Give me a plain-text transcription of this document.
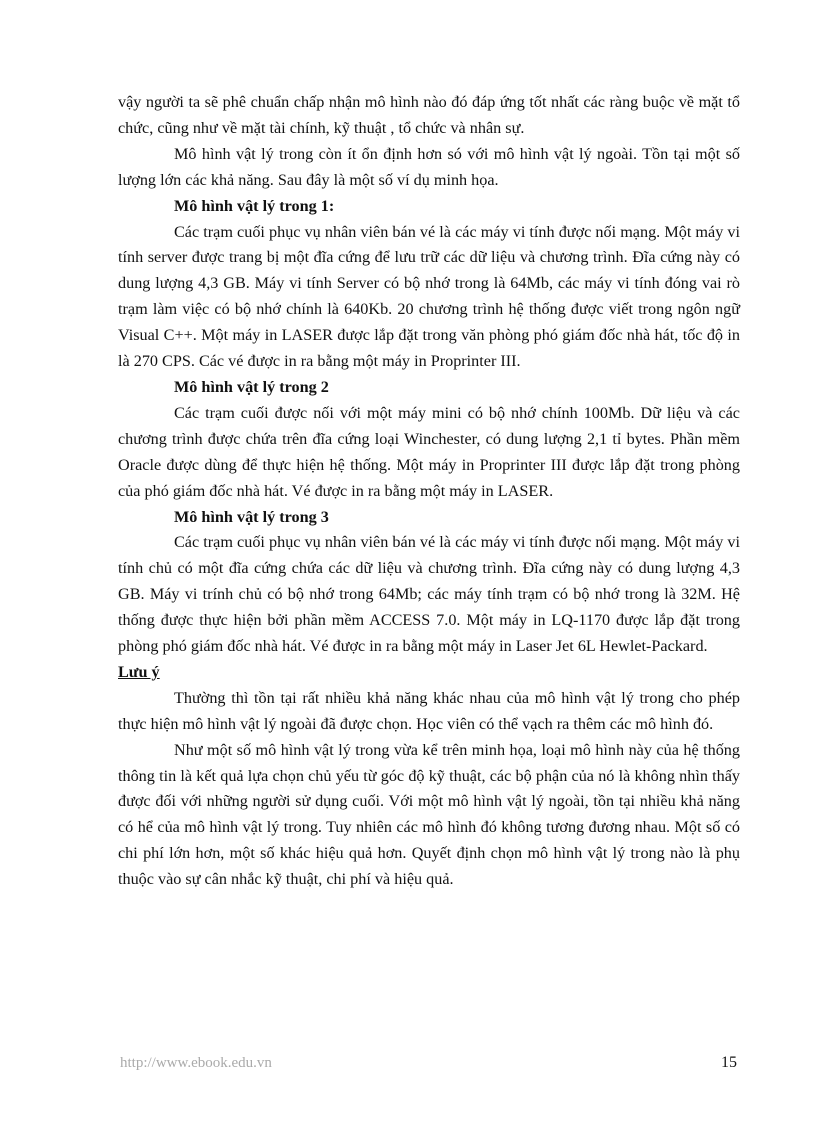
vậy người ta sẽ phê chuẩn chấp nhận mô hình nào đó đáp ứng tốt nhất các ràng buộc về mặt tổ chức, cũng như về mặt tài chính, kỹ thuật , tổ chức và nhân sự.

Mô hình vật lý trong còn ít ổn định hơn só với mô hình vật lý ngoài. Tồn tại một số lượng lớn các khả năng. Sau đây là một số ví dụ minh họa.

Mô hình vật lý trong 1:

Các trạm cuối phục vụ nhân viên bán vé là các máy vi tính được nối mạng. Một máy vi tính server được trang bị một đĩa cứng để lưu trữ các dữ liệu và chương trình. Đĩa cứng này có dung lượng 4,3 GB. Máy vi tính Server có bộ nhớ trong là 64Mb, các máy vi tính đóng vai rò trạm làm việc có bộ nhớ chính là 640Kb. 20 chương trình hệ thống được viết trong ngôn ngữ Visual C++. Một máy in LASER được lắp đặt trong văn phòng phó giám đốc nhà hát, tốc độ in là 270 CPS. Các vé được in ra bằng một máy in Proprinter III.

Mô hình vật lý trong 2

Các trạm cuối được nối với một máy mini có bộ nhớ chính 100Mb. Dữ liệu và các chương trình được chứa trên đĩa cứng loại Winchester, có dung lượng 2,1 tỉ bytes. Phần mềm Oracle được dùng để thực hiện hệ thống. Một máy in Proprinter III được lắp đặt trong phòng của phó giám đốc nhà hát. Vé được in ra bằng một máy in LASER.

Mô hình vật lý trong 3

Các trạm cuối phục vụ nhân viên bán vé là các máy vi tính được nối mạng. Một máy vi tính chủ có một đĩa cứng chứa các dữ liệu và chương trình. Đĩa cứng này có dung lượng 4,3 GB. Máy vi trính chủ có bộ nhớ trong 64Mb; các máy tính trạm có bộ nhớ trong là 32M. Hệ thống được thực hiện bởi phần mềm ACCESS 7.0. Một máy in LQ-1170 được lắp đặt trong phòng phó giám đốc nhà hát. Vé được in ra bằng một máy in Laser Jet 6L Hewlet-Packard.

Lưu ý

Thường thì tồn tại rất nhiều khả năng khác nhau của mô hình vật lý trong cho phép thực hiện mô hình vật lý ngoài đã được chọn. Học viên có thể vạch ra thêm các mô hình đó.

Như một số mô hình vật lý trong vừa kể trên minh họa, loại mô hình này của hệ thống thông tin là kết quả lựa chọn chủ yếu từ góc độ kỹ thuật, các bộ phận của nó là không nhìn thấy được đối với những người sử dụng cuối. Với một mô hình vật lý ngoài, tồn tại nhiều khả năng có hể của mô hình vật lý trong. Tuy nhiên các mô hình đó không tương đương nhau. Một số có chi phí lớn hơn, một số khác hiệu quả hơn. Quyết định chọn mô hình vật lý trong nào là phụ thuộc vào sự cân nhắc kỹ thuật, chi phí và hiệu quả.

http://www.ebook.edu.vn	15
